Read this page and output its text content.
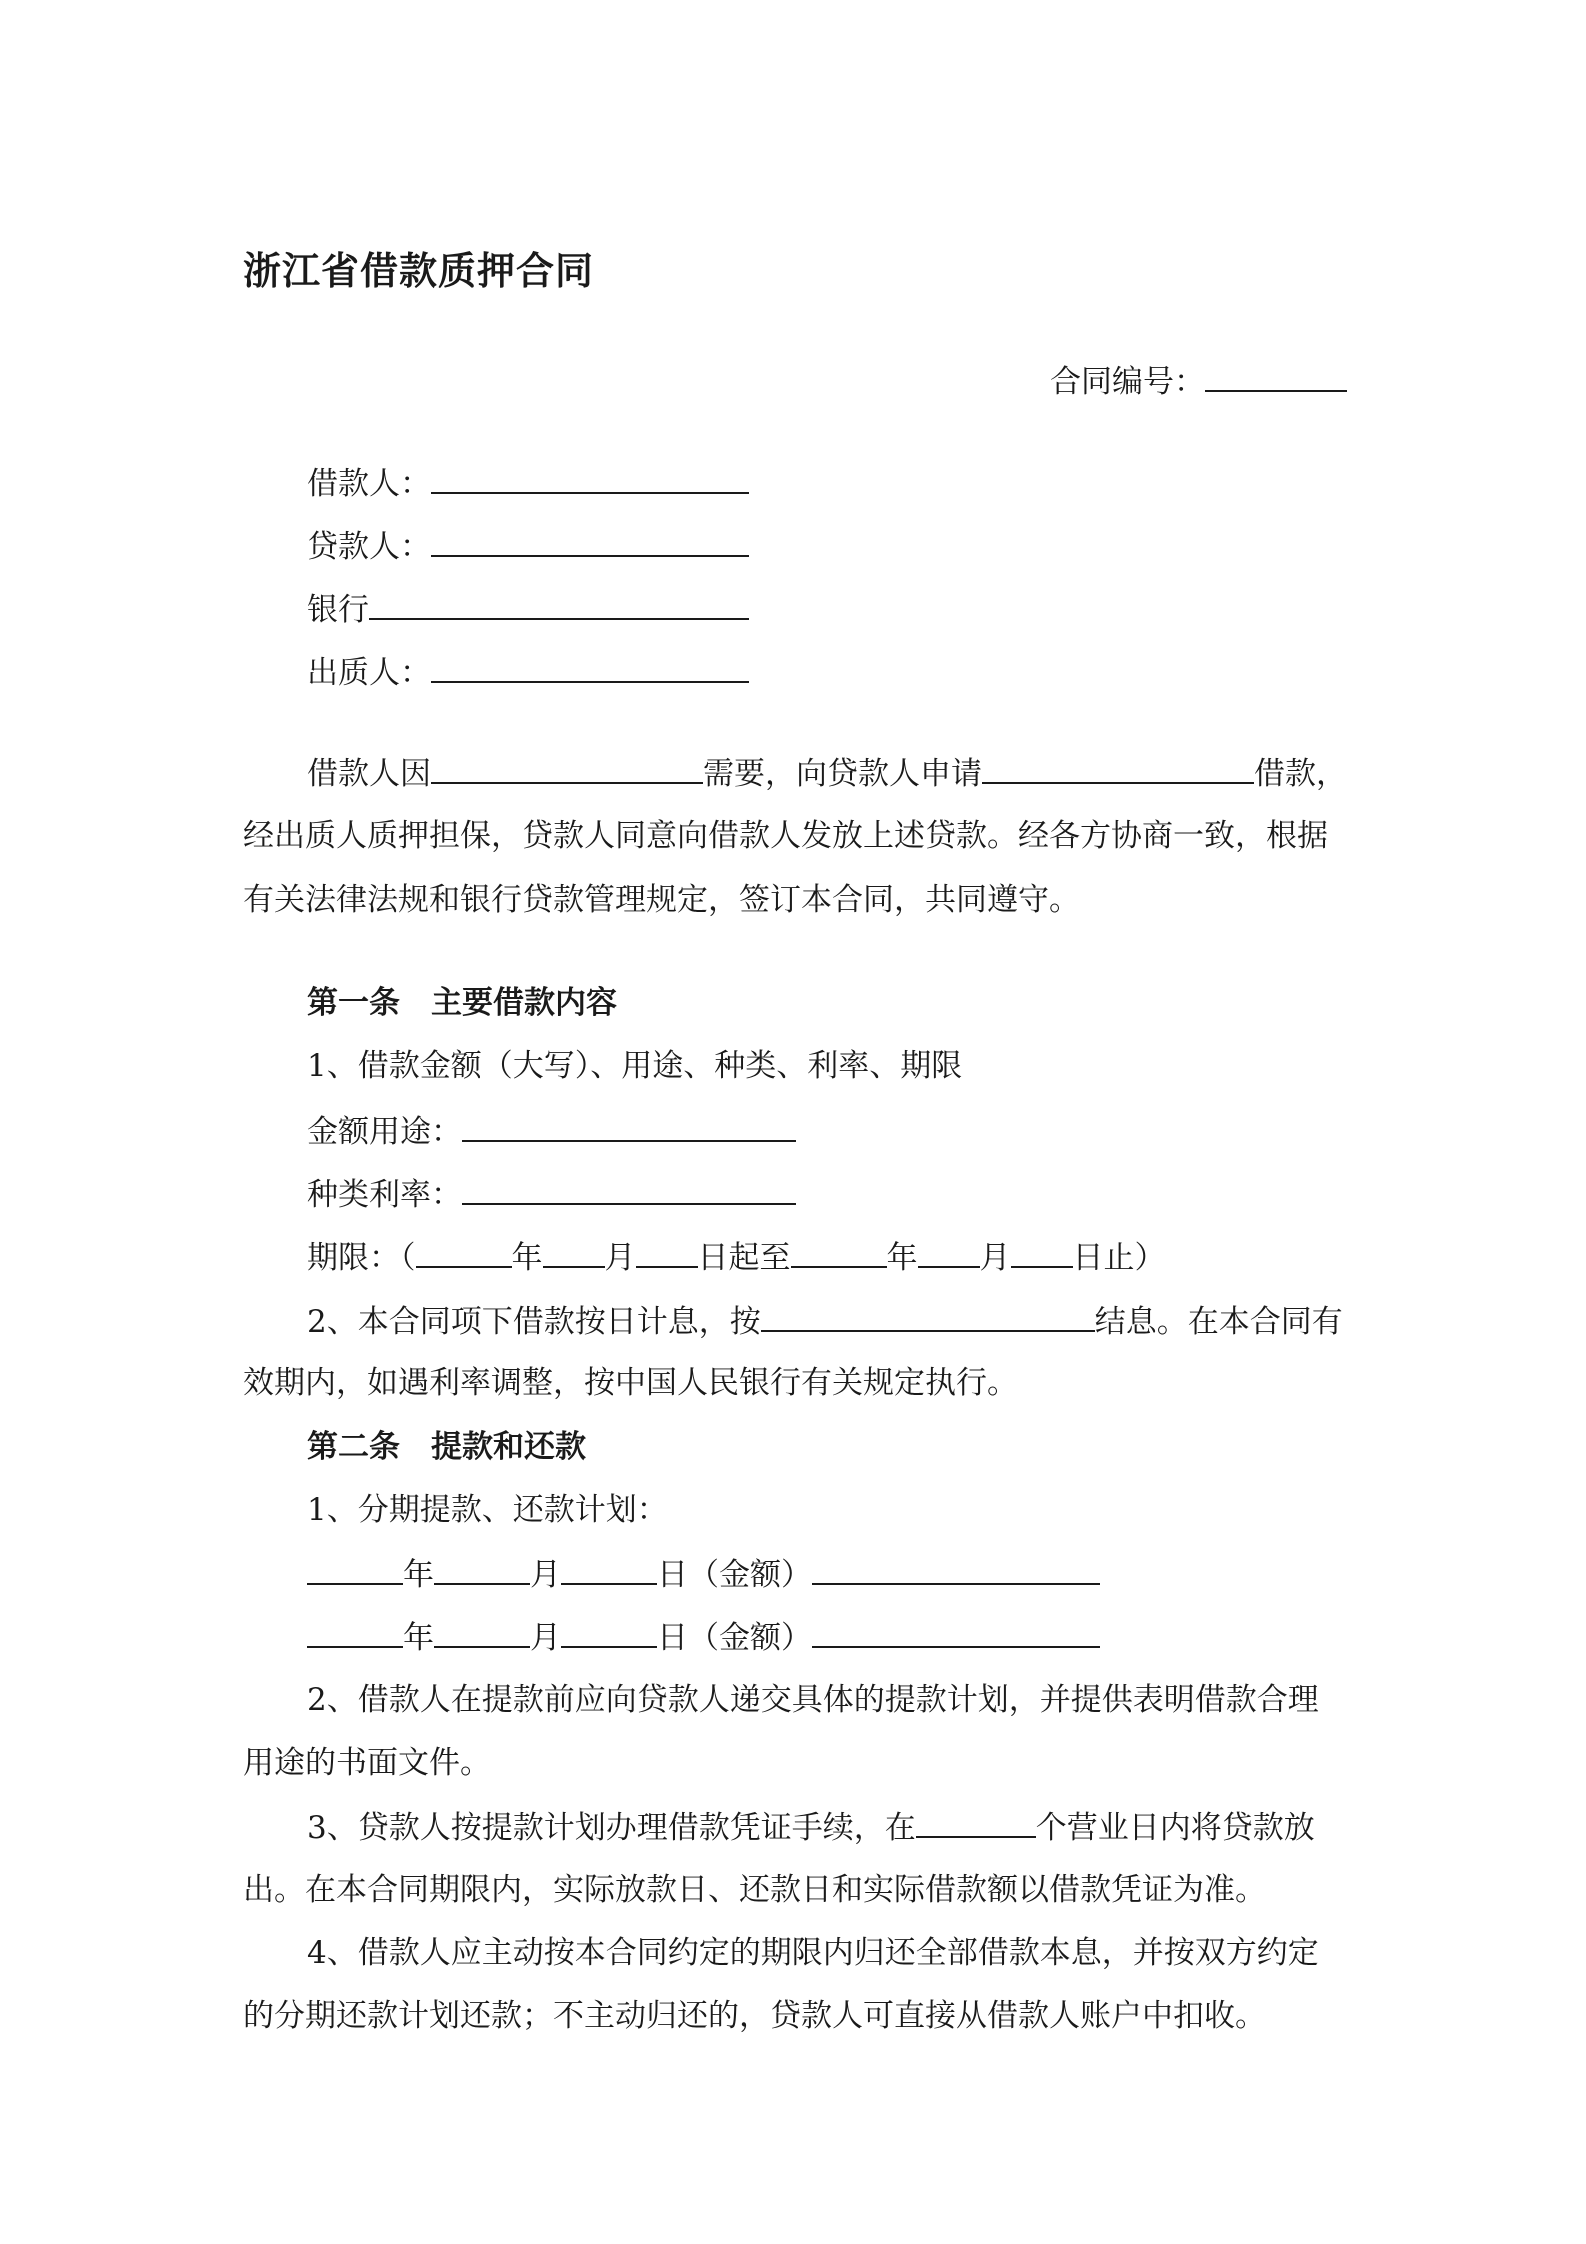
浙江省借款质押合同
合同编号：
借款人：
贷款人：
银行
出质人：
借款人因	需要，向贷款人申请	借款，
经出质人质押担保，贷款人同意向借款人发放上述贷款。经各方协商一致，根据
有关法律法规和银行贷款管理规定，签订本合同，共同遵守。
第一条　主要借款内容
1、借款金额（大写）、用途、种类、利率、期限
金额用途：
种类利率：
期限：（	年 月 日起至	年 月 日止）
2、本合同项下借款按日计息，按	结息。在本合同有
效期内，如遇利率调整，按中国人民银行有关规定执行。
第二条　提款和还款
1、分期提款、还款计划：
年	月	日（金额）
年	月	日（金额）
2、借款人在提款前应向贷款人递交具体的提款计划，并提供表明借款合理
用途的书面文件。
3、贷款人按提款计划办理借款凭证手续，在	个营业日内将贷款放
出。在本合同期限内，实际放款日、还款日和实际借款额以借款凭证为准。
4、借款人应主动按本合同约定的期限内归还全部借款本息，并按双方约定
的分期还款计划还款；不主动归还的，贷款人可直接从借款人账户中扣收。
